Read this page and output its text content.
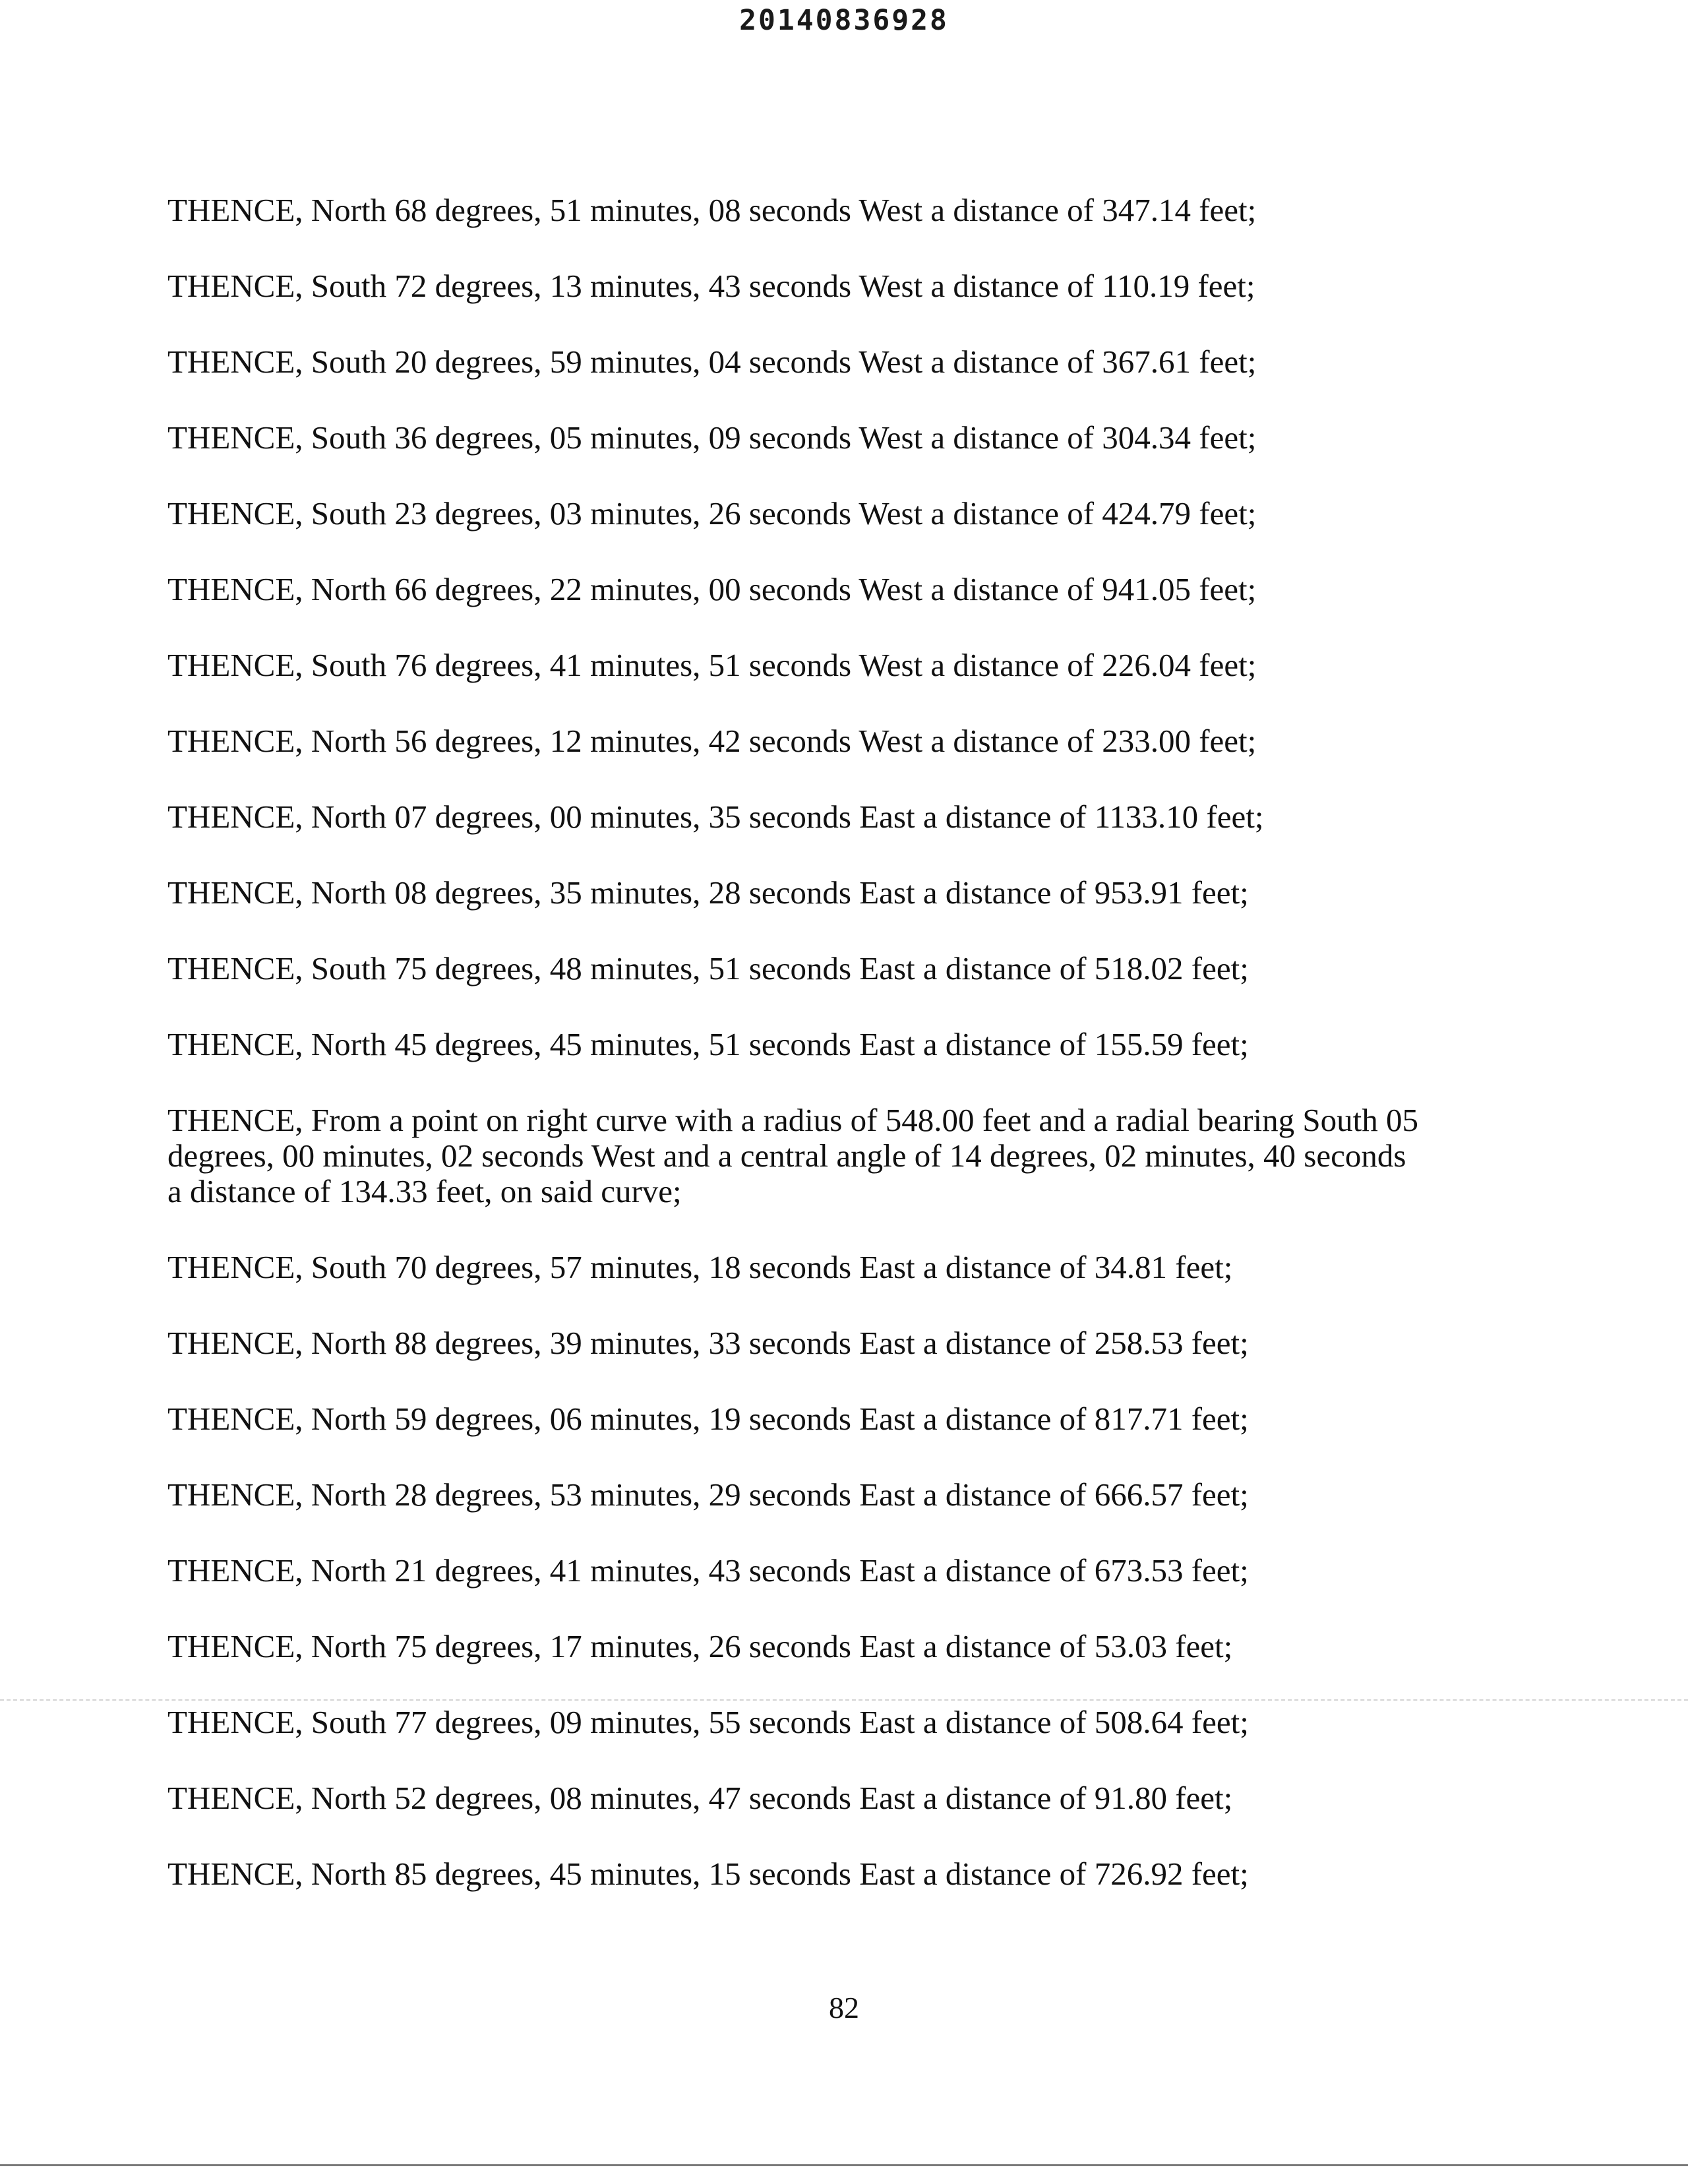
20140836928

THENCE, North 68 degrees, 51 minutes, 08 seconds West a distance of 347.14 feet;

THENCE, South 72 degrees, 13 minutes, 43 seconds West a distance of 110.19 feet;

THENCE, South 20 degrees, 59 minutes, 04 seconds West a distance of 367.61 feet;

THENCE, South 36 degrees, 05 minutes, 09 seconds West a distance of 304.34 feet;

THENCE, South 23 degrees, 03 minutes, 26 seconds West a distance of 424.79 feet;

THENCE, North 66 degrees, 22 minutes, 00 seconds West a distance of 941.05 feet;

THENCE, South 76 degrees, 41 minutes, 51 seconds West a distance of 226.04 feet;

THENCE, North 56 degrees, 12 minutes, 42 seconds West a distance of 233.00 feet;

THENCE, North 07 degrees, 00 minutes, 35 seconds East a distance of 1133.10 feet;

THENCE, North 08 degrees, 35 minutes, 28 seconds East a distance of 953.91 feet;

THENCE, South 75 degrees, 48 minutes, 51 seconds East a distance of 518.02 feet;

THENCE, North 45 degrees, 45 minutes, 51 seconds East a distance of 155.59 feet;

THENCE, From a point on right curve with a radius of 548.00 feet and a radial bearing South 05
degrees, 00 minutes, 02 seconds West and a central angle of 14 degrees, 02 minutes, 40 seconds
a distance of 134.33 feet, on said curve;

THENCE, South 70 degrees, 57 minutes, 18 seconds East a distance of 34.81 feet;

THENCE, North 88 degrees, 39 minutes, 33 seconds East a distance of 258.53 feet;

THENCE, North 59 degrees, 06 minutes, 19 seconds East a distance of 817.71 feet;

THENCE, North 28 degrees, 53 minutes, 29 seconds East a distance of 666.57 feet;

THENCE, North 21 degrees, 41 minutes, 43 seconds East a distance of 673.53 feet;

THENCE, North 75 degrees, 17 minutes, 26 seconds East a distance of 53.03 feet;

THENCE, South 77 degrees, 09 minutes, 55 seconds East a distance of 508.64 feet;

THENCE, North 52 degrees, 08 minutes, 47 seconds East a distance of 91.80 feet;

THENCE, North 85 degrees, 45 minutes, 15 seconds East a distance of 726.92 feet;

82
